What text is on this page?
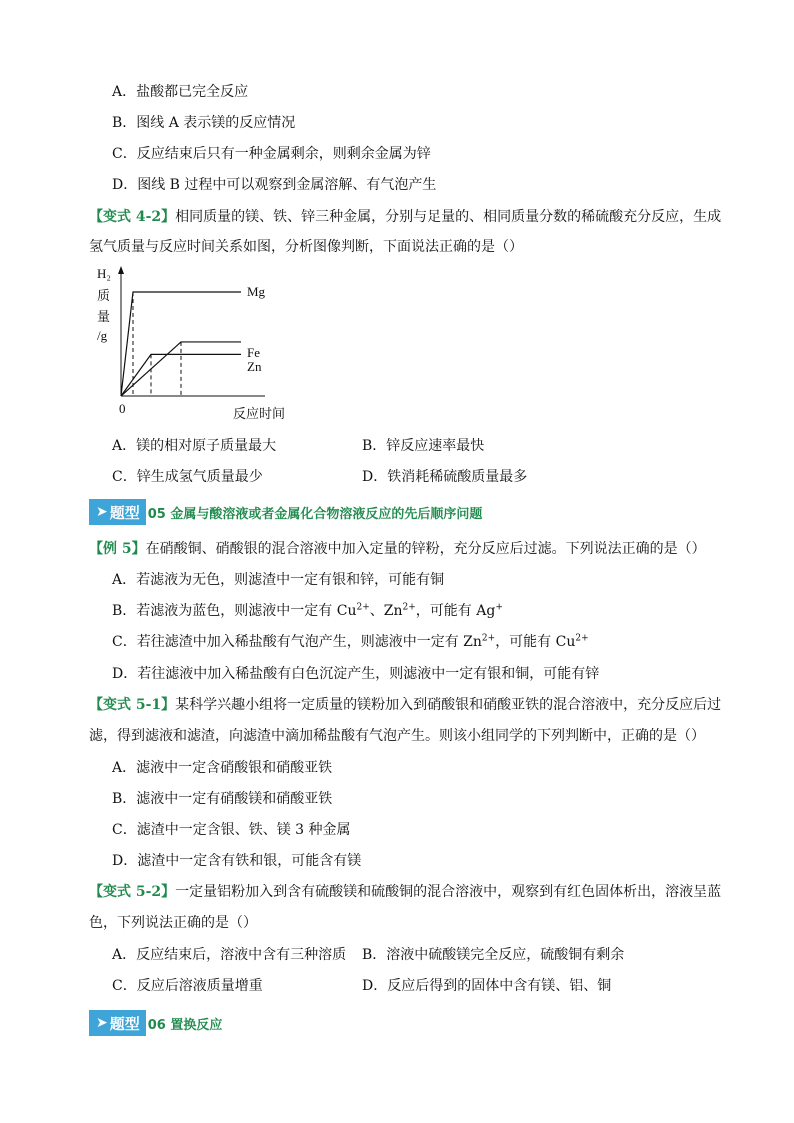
A．盐酸都已完全反应
B．图线 A 表示镁的反应情况
C．反应结束后只有一种金属剩余，则剩余金属为锌
D．图线 B 过程中可以观察到金属溶解、有气泡产生
【变式 4-2】相同质量的镁、铁、锌三种金属，分别与足量的、相同质量分数的稀硫酸充分反应，生成
氢气质量与反应时间关系如图，分析图像判断，下面说法正确的是（）
H₂
质
量
/g
0	反应时间
Mg
Fe
Zn
A．镁的相对原子质量最大	B．锌反应速率最快
C．锌生成氢气质量最少	D．铁消耗稀硫酸质量最多
➤ 题型 05 金属与酸溶液或者金属化合物溶液反应的先后顺序问题
【例 5】在硝酸铜、硝酸银的混合溶液中加入定量的锌粉，充分反应后过滤。下列说法正确的是（）
A．若滤液为无色，则滤渣中一定有银和锌，可能有铜
B．若滤液为蓝色，则滤液中一定有 $Cu^{2+}$、$Zn^{2+}$，可能有 Ag+
C．若往滤渣中加入稀盐酸有气泡产生，则滤液中一定有 $Zn^{2+}$，可能有 $Cu^{2+}$
D．若往滤液中加入稀盐酸有白色沉淀产生，则滤液中一定有银和铜，可能有锌
【变式 5-1】某科学兴趣小组将一定质量的镁粉加入到硝酸银和硝酸亚铁的混合溶液中，充分反应后过
滤，得到滤液和滤渣，向滤渣中滴加稀盐酸有气泡产生。则该小组同学的下列判断中，正确的是（）
A．滤液中一定含硝酸银和硝酸亚铁
B．滤液中一定有硝酸镁和硝酸亚铁
C．滤渣中一定含银、铁、镁 3 种金属
D．滤渣中一定含有铁和银，可能含有镁
【变式 5-2】一定量铝粉加入到含有硫酸镁和硫酸铜的混合溶液中，观察到有红色固体析出，溶液呈蓝
色，下列说法正确的是（）
A．反应结束后，溶液中含有三种溶质 B．溶液中硫酸镁完全反应，硫酸铜有剩余
C．反应后溶液质量增重	D．反应后得到的固体中含有镁、铝、铜
➤ 题型 06 置换反应
